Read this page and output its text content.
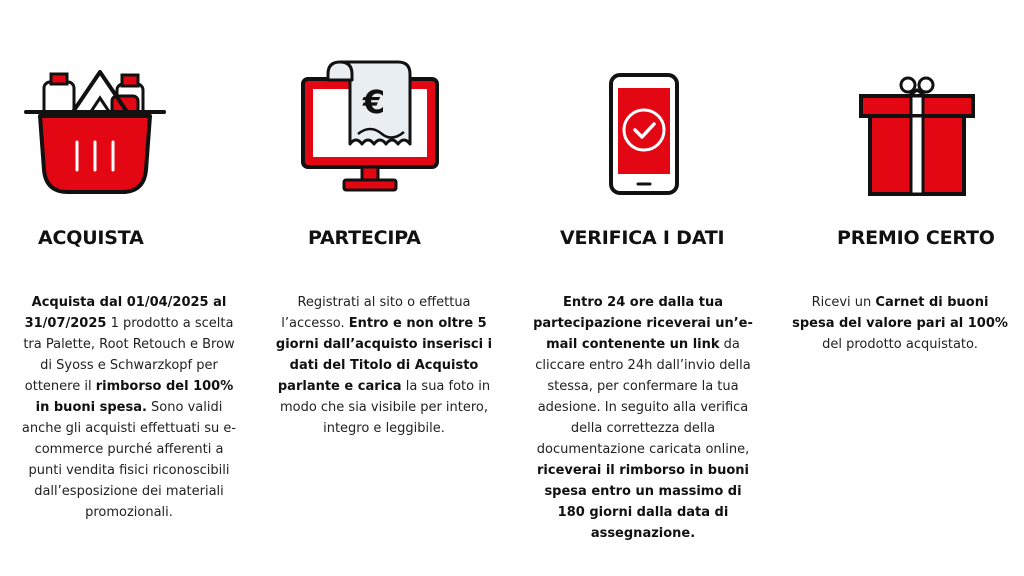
ACQUISTA

Acquista dal 01/04/2025 al 31/07/2025 1 prodotto a scelta tra Palette, Root Retouch e Brow di Syoss e Schwarzkopf per ottenere il rimborso del 100% in buoni spesa. Sono validi anche gli acquisti effettuati su e-commerce purché afferenti a punti vendita fisici riconoscibili dall’esposizione dei materiali promozionali.

€
PARTECIPA

Registrati al sito o effettua l’accesso. Entro e non oltre 5 giorni dall’acquisto inserisci i dati del Titolo di Acquisto parlante e carica la sua foto in modo che sia visibile per intero, integro e leggibile.

VERIFICA I DATI

Entro 24 ore dalla tua partecipazione riceverai un’e-mail contenente un link da cliccare entro 24h dall’invio della stessa, per confermare la tua adesione. In seguito alla verifica della correttezza della documentazione caricata online, riceverai il rimborso in buoni spesa entro un massimo di 180 giorni dalla data di assegnazione.

PREMIO CERTO

Ricevi un Carnet di buoni spesa del valore pari al 100% del prodotto acquistato.
